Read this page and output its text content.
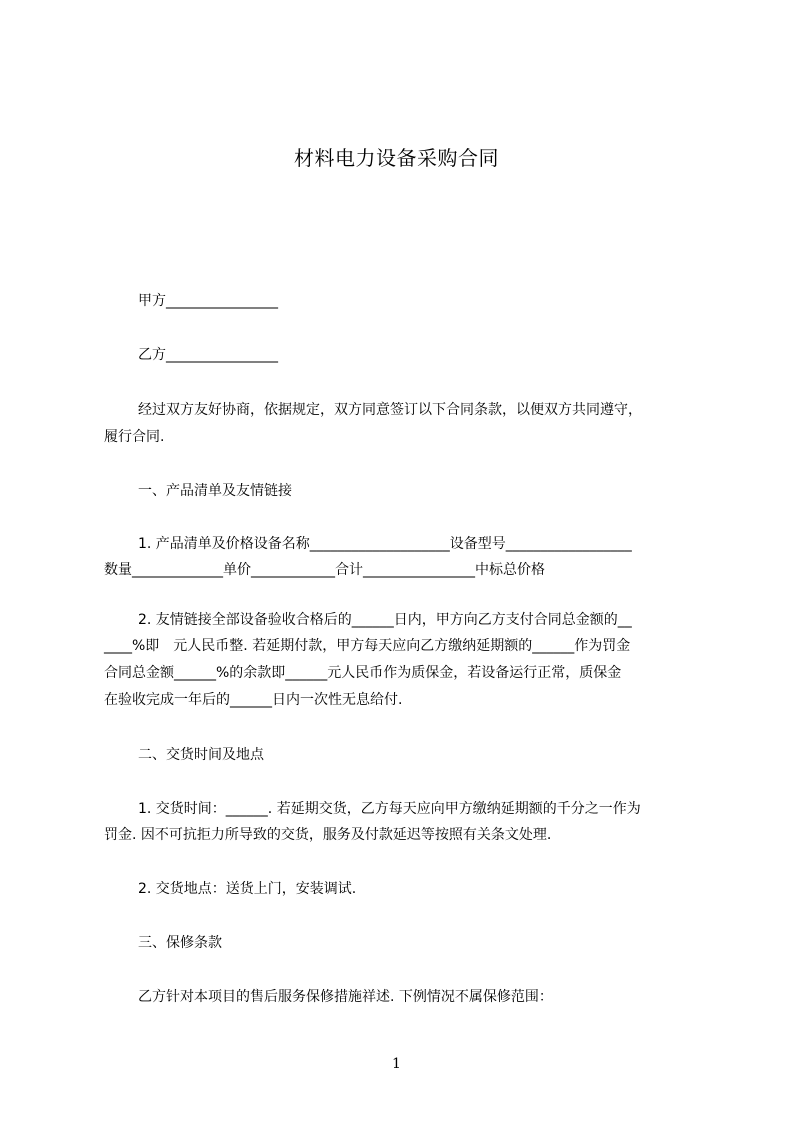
材料电力设备采购合同
甲方________________
乙方________________
经过双方友好协商，依据规定，双方同意签订以下合同条款，以便双方共同遵守，
履行合同.
一、产品清单及友情链接
1. 产品清单及价格设备名称____________________设备型号__________________
数量_____________单价____________合计________________中标总价格
2. 友情链接全部设备验收合格后的______日内，甲方向乙方支付合同总金额的__
____%即　元人民币整. 若延期付款，甲方每天应向乙方缴纳延期额的______作为罚金
合同总金额______%的余款即______元人民币作为质保金，若设备运行正常，质保金
在验收完成一年后的______日内一次性无息给付.
二、交货时间及地点
1. 交货时间：______. 若延期交货，乙方每天应向甲方缴纳延期额的千分之一作为
罚金. 因不可抗拒力所导致的交货，服务及付款延迟等按照有关条文处理.
2. 交货地点：送货上门，安装调试.
三、保修条款
乙方针对本项目的售后服务保修措施祥述. 下例情况不属保修范围：
1
